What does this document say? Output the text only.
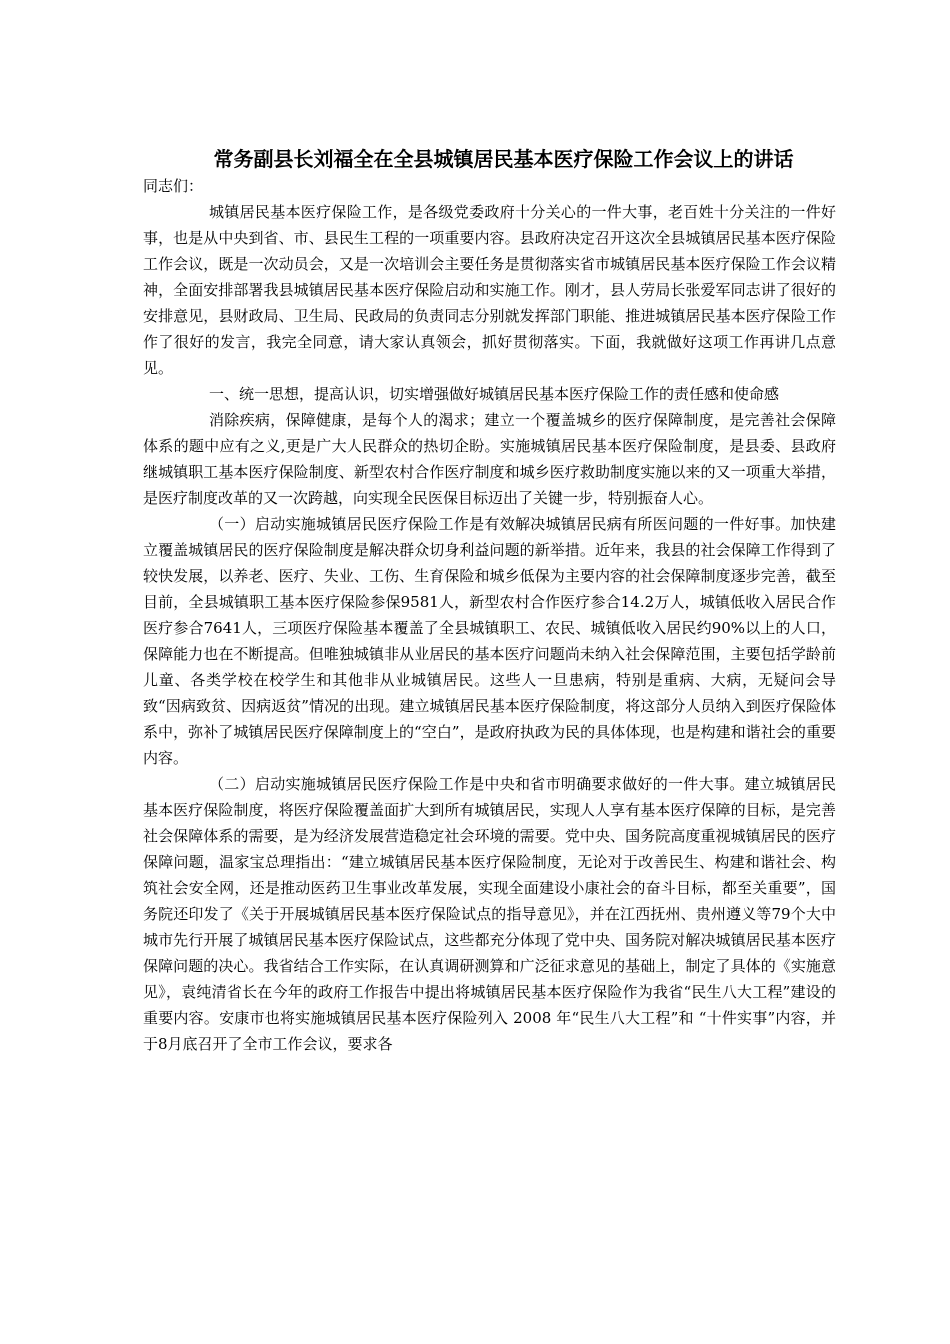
常务副县长刘福全在全县城镇居民基本医疗保险工作会议上的讲话

同志们：

城镇居民基本医疗保险工作，是各级党委政府十分关心的一件大事，老百姓十分关注的一件好事，也是从中央到省、市、县民生工程的一项重要内容。县政府决定召开这次全县城镇居民基本医疗保险工作会议，既是一次动员会，又是一次培训会主要任务是贯彻落实省市城镇居民基本医疗保险工作会议精神，全面安排部署我县城镇居民基本医疗保险启动和实施工作。刚才，县人劳局长张爱军同志讲了很好的安排意见，县财政局、卫生局、民政局的负责同志分别就发挥部门职能、推进城镇居民基本医疗保险工作作了很好的发言，我完全同意，请大家认真领会，抓好贯彻落实。下面，我就做好这项工作再讲几点意见。

一、统一思想，提高认识，切实增强做好城镇居民基本医疗保险工作的责任感和使命感

消除疾病，保障健康，是每个人的渴求；建立一个覆盖城乡的医疗保障制度，是完善社会保障体系的题中应有之义,更是广大人民群众的热切企盼。实施城镇居民基本医疗保险制度，是县委、县政府继城镇职工基本医疗保险制度、新型农村合作医疗制度和城乡医疗救助制度实施以来的又一项重大举措，是医疗制度改革的又一次跨越，向实现全民医保目标迈出了关键一步，特别振奋人心。

（一）启动实施城镇居民医疗保险工作是有效解决城镇居民病有所医问题的一件好事。加快建立覆盖城镇居民的医疗保险制度是解决群众切身利益问题的新举措。近年来，我县的社会保障工作得到了较快发展，以养老、医疗、失业、工伤、生育保险和城乡低保为主要内容的社会保障制度逐步完善，截至目前，全县城镇职工基本医疗保险参保9581人，新型农村合作医疗参合14.2万人，城镇低收入居民合作医疗参合7641人，三项医疗保险基本覆盖了全县城镇职工、农民、城镇低收入居民约90%以上的人口，保障能力也在不断提高。但唯独城镇非从业居民的基本医疗问题尚未纳入社会保障范围，主要包括学龄前儿童、各类学校在校学生和其他非从业城镇居民。这些人一旦患病，特别是重病、大病，无疑问会导致“因病致贫、因病返贫”情况的出现。建立城镇居民基本医疗保险制度，将这部分人员纳入到医疗保险体系中，弥补了城镇居民医疗保障制度上的“空白”，是政府执政为民的具体体现，也是构建和谐社会的重要内容。

（二）启动实施城镇居民医疗保险工作是中央和省市明确要求做好的一件大事。建立城镇居民基本医疗保险制度，将医疗保险覆盖面扩大到所有城镇居民，实现人人享有基本医疗保障的目标，是完善社会保障体系的需要，是为经济发展营造稳定社会环境的需要。党中央、国务院高度重视城镇居民的医疗保障问题，温家宝总理指出：“建立城镇居民基本医疗保险制度，无论对于改善民生、构建和谐社会、构筑社会安全网，还是推动医药卫生事业改革发展，实现全面建设小康社会的奋斗目标，都至关重要”，国务院还印发了《关于开展城镇居民基本医疗保险试点的指导意见》，并在江西抚州、贵州遵义等79个大中城市先行开展了城镇居民基本医疗保险试点，这些都充分体现了党中央、国务院对解决城镇居民基本医疗保障问题的决心。我省结合工作实际，在认真调研测算和广泛征求意见的基础上，制定了具体的《实施意见》，袁纯清省长在今年的政府工作报告中提出将城镇居民基本医疗保险作为我省“民生八大工程”建设的重要内容。安康市也将实施城镇居民基本医疗保险列入 2008 年“民生八大工程”和 “十件实事”内容，并于8月底召开了全市工作会议，要求各
